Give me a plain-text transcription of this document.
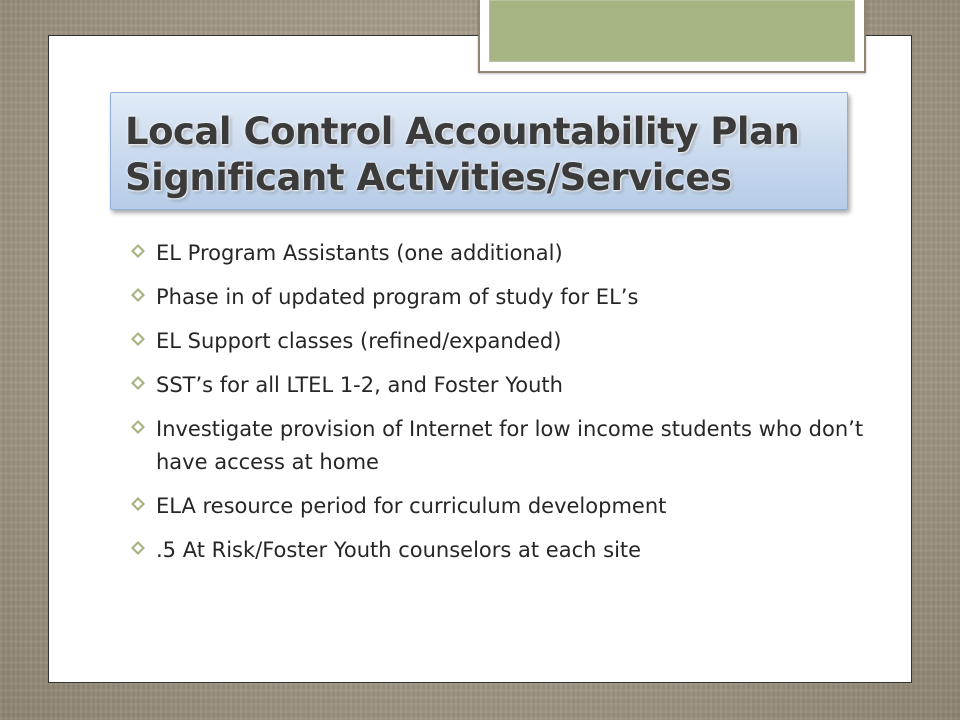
Local Control Accountability Plan
Significant Activities/Services
EL Program Assistants (one additional)
Phase in of updated program of study for EL’s
EL Support classes (refined/expanded)
SST’s for all LTEL 1-2, and Foster Youth
Investigate provision of Internet for low income students who don’t have access at home
ELA resource period for curriculum development
.5 At Risk/Foster Youth counselors at each site
